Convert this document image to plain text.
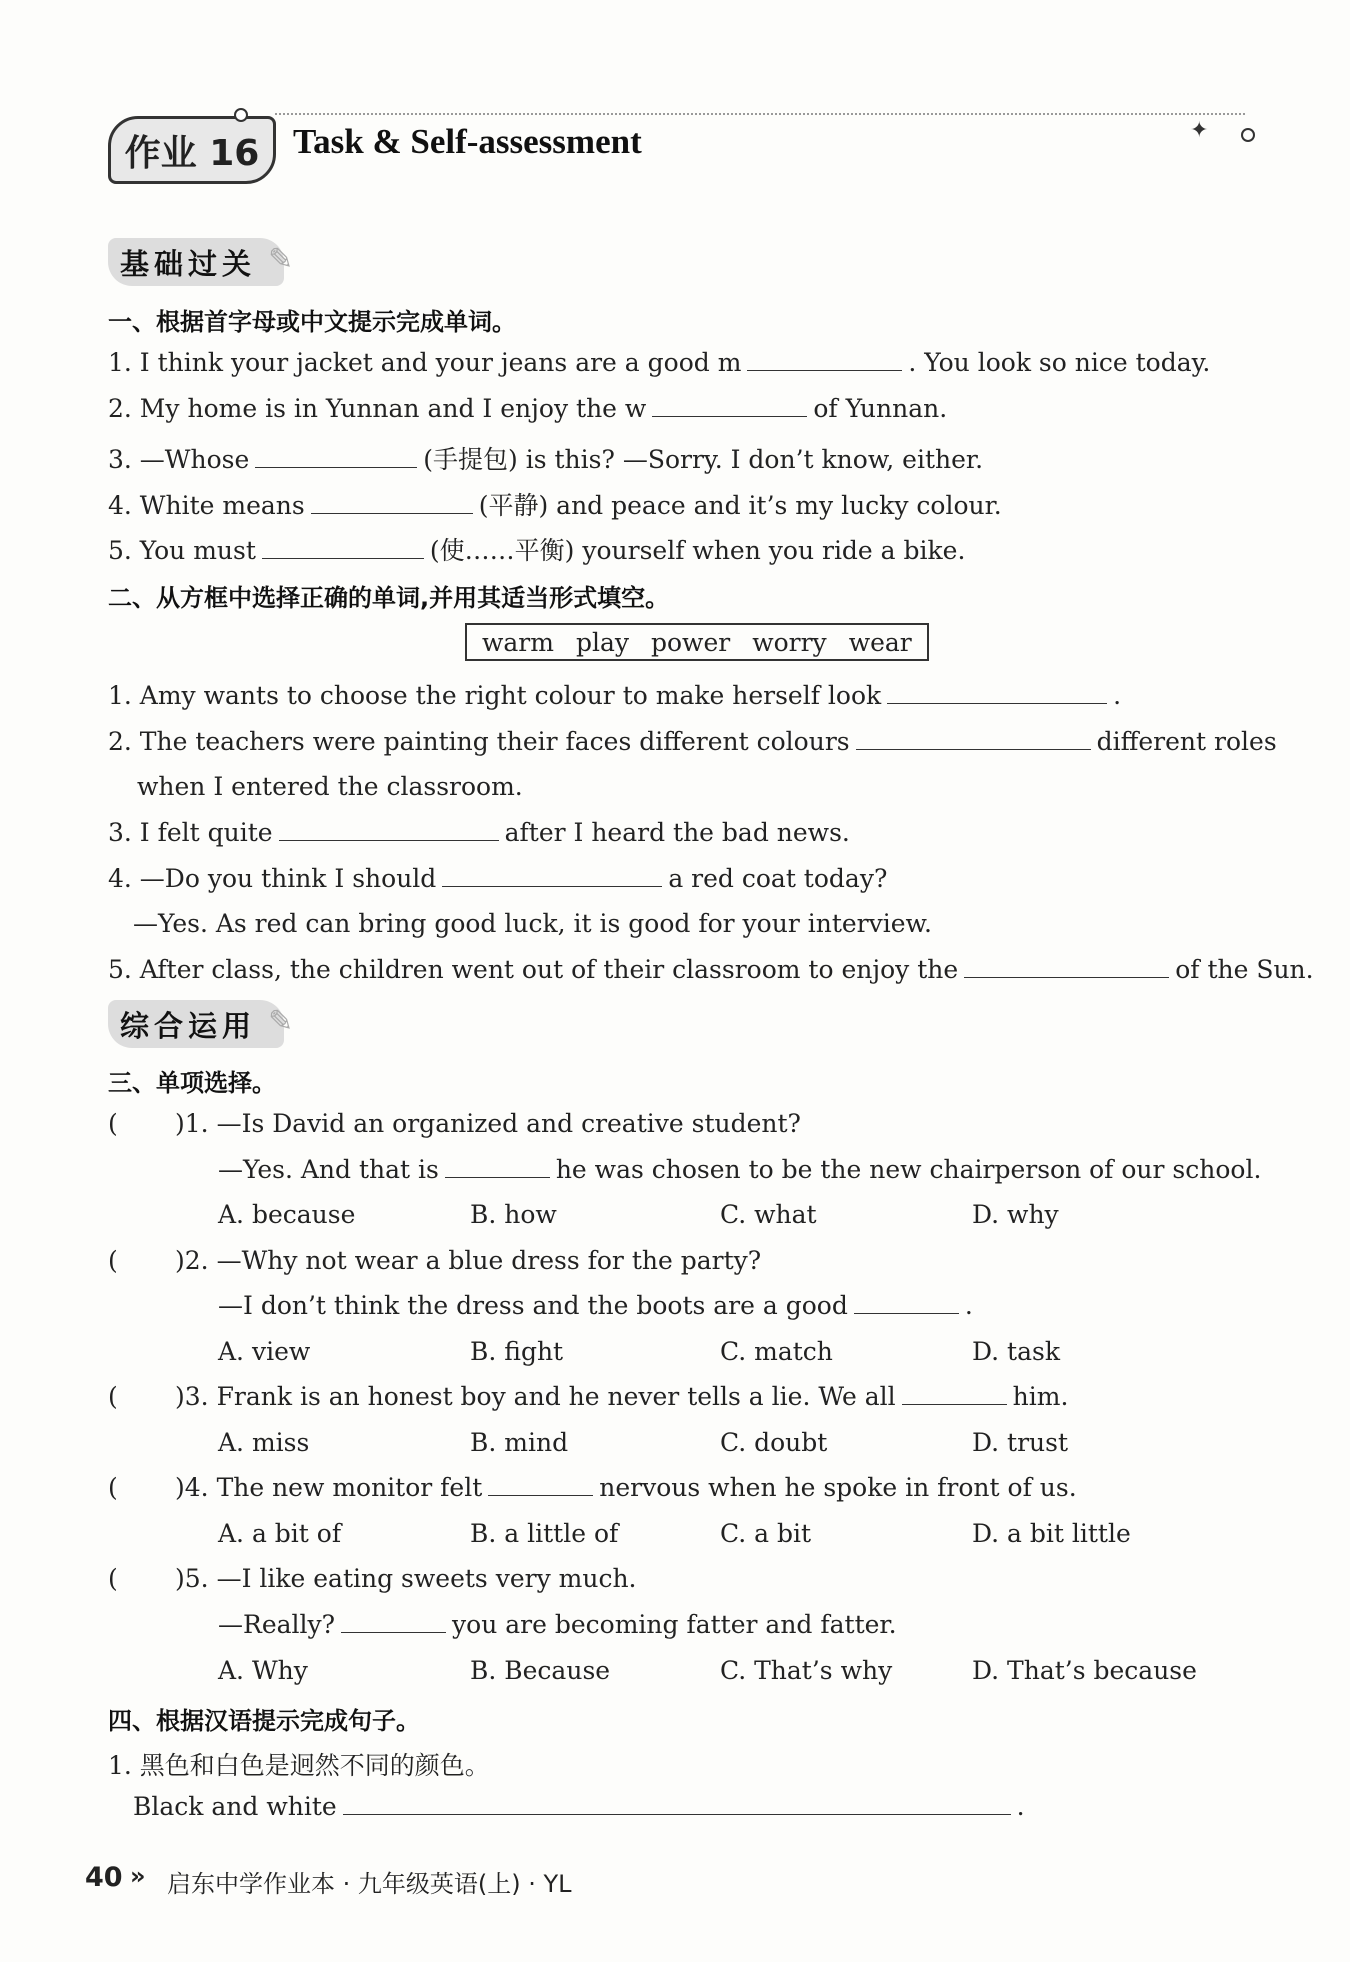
作业 16
✦
Task & Self-assessment
基础过关 ✎
一、根据首字母或中文提示完成单词。
1. I think your jacket and your jeans are a good m	. You look so nice today.
2. My home is in Yunnan and I enjoy the w	of Yunnan.
3. —Whose	(手提包) is this? —Sorry. I don’t know, either.
4. White means	(平静) and peace and it’s my lucky colour.
5. You must	(使……平衡) yourself when you ride a bike.
二、从方框中选择正确的单词,并用其适当形式填空。
warm play power worry wear
1. Amy wants to choose the right colour to make herself look	.
2. The teachers were painting their faces different colours	different roles
when I entered the classroom.
3. I felt quite	after I heard the bad news.
4. —Do you think I should	a red coat today?
—Yes. As red can bring good luck, it is good for your interview.
5. After class, the children went out of their classroom to enjoy the	of the Sun.
综合运用 ✎
三、单项选择。
( )1. —Is David an organized and creative student?
—Yes. And that is	he was chosen to be the new chairperson of our school.
A. because	B. how	C. what	D. why
( )2. —Why not wear a blue dress for the party?
—I don’t think the dress and the boots are a good	.
A. view	B. fight	C. match	D. task
( )3. Frank is an honest boy and he never tells a lie. We all	him.
A. miss	B. mind	C. doubt	D. trust
( )4. The new monitor felt	nervous when he spoke in front of us.
A. a bit of	B. a little of	C. a bit	D. a bit little
( )5. —I like eating sweets very much.
—Really?	you are becoming fatter and fatter.
A. Why	B. Because	C. That’s why	D. That’s because
四、根据汉语提示完成句子。
1. 黑色和白色是迥然不同的颜色。
Black and white	.
40 » 启东中学作业本 · 九年级英语(上) · YL
